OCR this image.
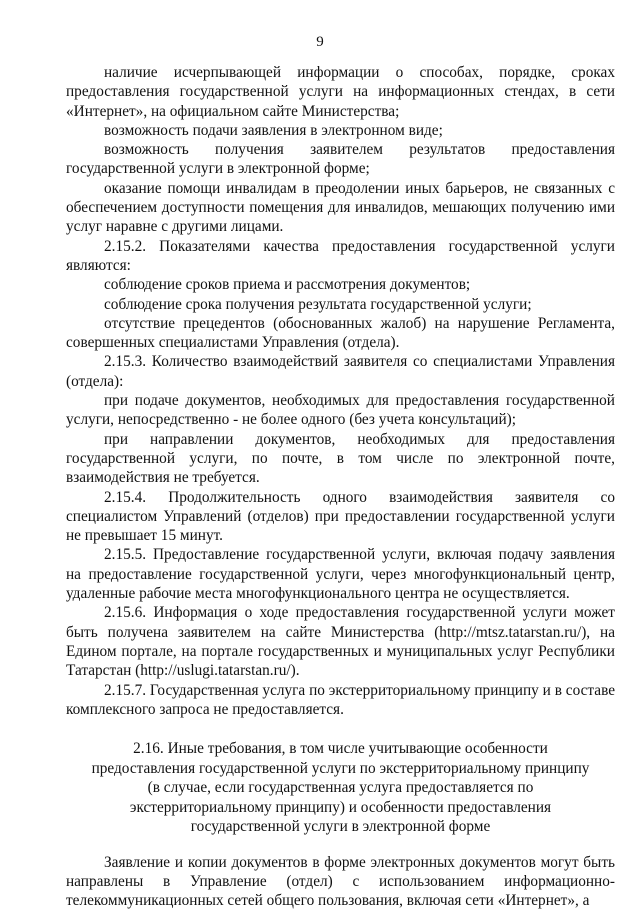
9

наличие исчерпывающей информации о способах, порядке, сроках предоставления государственной услуги на информационных стендах, в сети «Интернет», на официальном сайте Министерства;

возможность подачи заявления в электронном виде;

возможность получения заявителем результатов предоставления государственной услуги в электронной форме;

оказание помощи инвалидам в преодолении иных барьеров, не связанных с обеспечением доступности помещения для инвалидов, мешающих получению ими услуг наравне с другими лицами.

2.15.2. Показателями качества предоставления государственной услуги являются:

соблюдение сроков приема и рассмотрения документов;

соблюдение срока получения результата государственной услуги;

отсутствие прецедентов (обоснованных жалоб) на нарушение Регламента, совершенных специалистами Управления (отдела).

2.15.3. Количество взаимодействий заявителя со специалистами Управления (отдела):

при подаче документов, необходимых для предоставления государственной услуги, непосредственно - не более одного (без учета консультаций);

при направлении документов, необходимых для предоставления государственной услуги, по почте, в том числе по электронной почте, взаимодействия не требуется.

2.15.4. Продолжительность одного взаимодействия заявителя со специалистом Управлений (отделов) при предоставлении государственной услуги не превышает 15 минут.

2.15.5. Предоставление государственной услуги, включая подачу заявления на предоставление государственной услуги, через многофункциональный центр, удаленные рабочие места многофункционального центра не осуществляется.

2.15.6. Информация о ходе предоставления государственной услуги может быть получена заявителем на сайте Министерства (http://mtsz.tatarstan.ru/), на Едином портале, на портале государственных и муниципальных услуг Республики Татарстан (http://uslugi.tatarstan.ru/).

2.15.7. Государственная услуга по экстерриториальному принципу и в составе комплексного запроса не предоставляется.

2.16. Иные требования, в том числе учитывающие особенности предоставления государственной услуги по экстерриториальному принципу (в случае, если государственная услуга предоставляется по экстерриториальному принципу) и особенности предоставления государственной услуги в электронной форме

Заявление и копии документов в форме электронных документов могут быть направлены в Управление (отдел) с использованием информационно-телекоммуникационных сетей общего пользования, включая сети «Интернет», а
